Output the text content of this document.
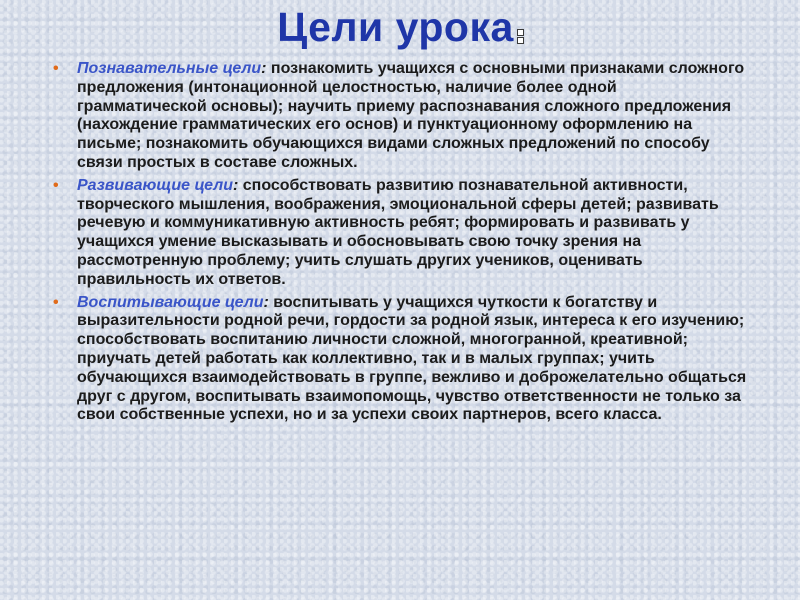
Цели урока
• Познавательные цели: познакомить учащихся с основными признаками сложного предложения (интонационной целостностью, наличие более одной грамматической основы); научить приему распознавания сложного предложения (нахождение грамматических его основ) и пунктуационному оформлению на письме; познакомить обучающихся видами сложных предложений по способу связи простых в составе сложных.
• Развивающие цели: способствовать развитию познавательной активности, творческого мышления, воображения, эмоциональной сферы детей; развивать речевую и коммуникативную активность ребят; формировать и развивать у учащихся умение высказывать и обосновывать свою точку зрения на рассмотренную проблему; учить слушать других учеников, оценивать правильность их ответов.
• Воспитывающие цели: воспитывать у учащихся чуткости к богатству и выразительности родной речи, гордости за родной язык, интереса к его изучению; способствовать воспитанию личности сложной, многогранной, креативной; приучать детей работать как коллективно, так и в малых группах; учить обучающихся взаимодействовать в группе, вежливо и доброжелательно общаться друг с другом, воспитывать взаимопомощь, чувство ответственности не только за свои собственные успехи, но и за успехи своих партнеров, всего класса.
